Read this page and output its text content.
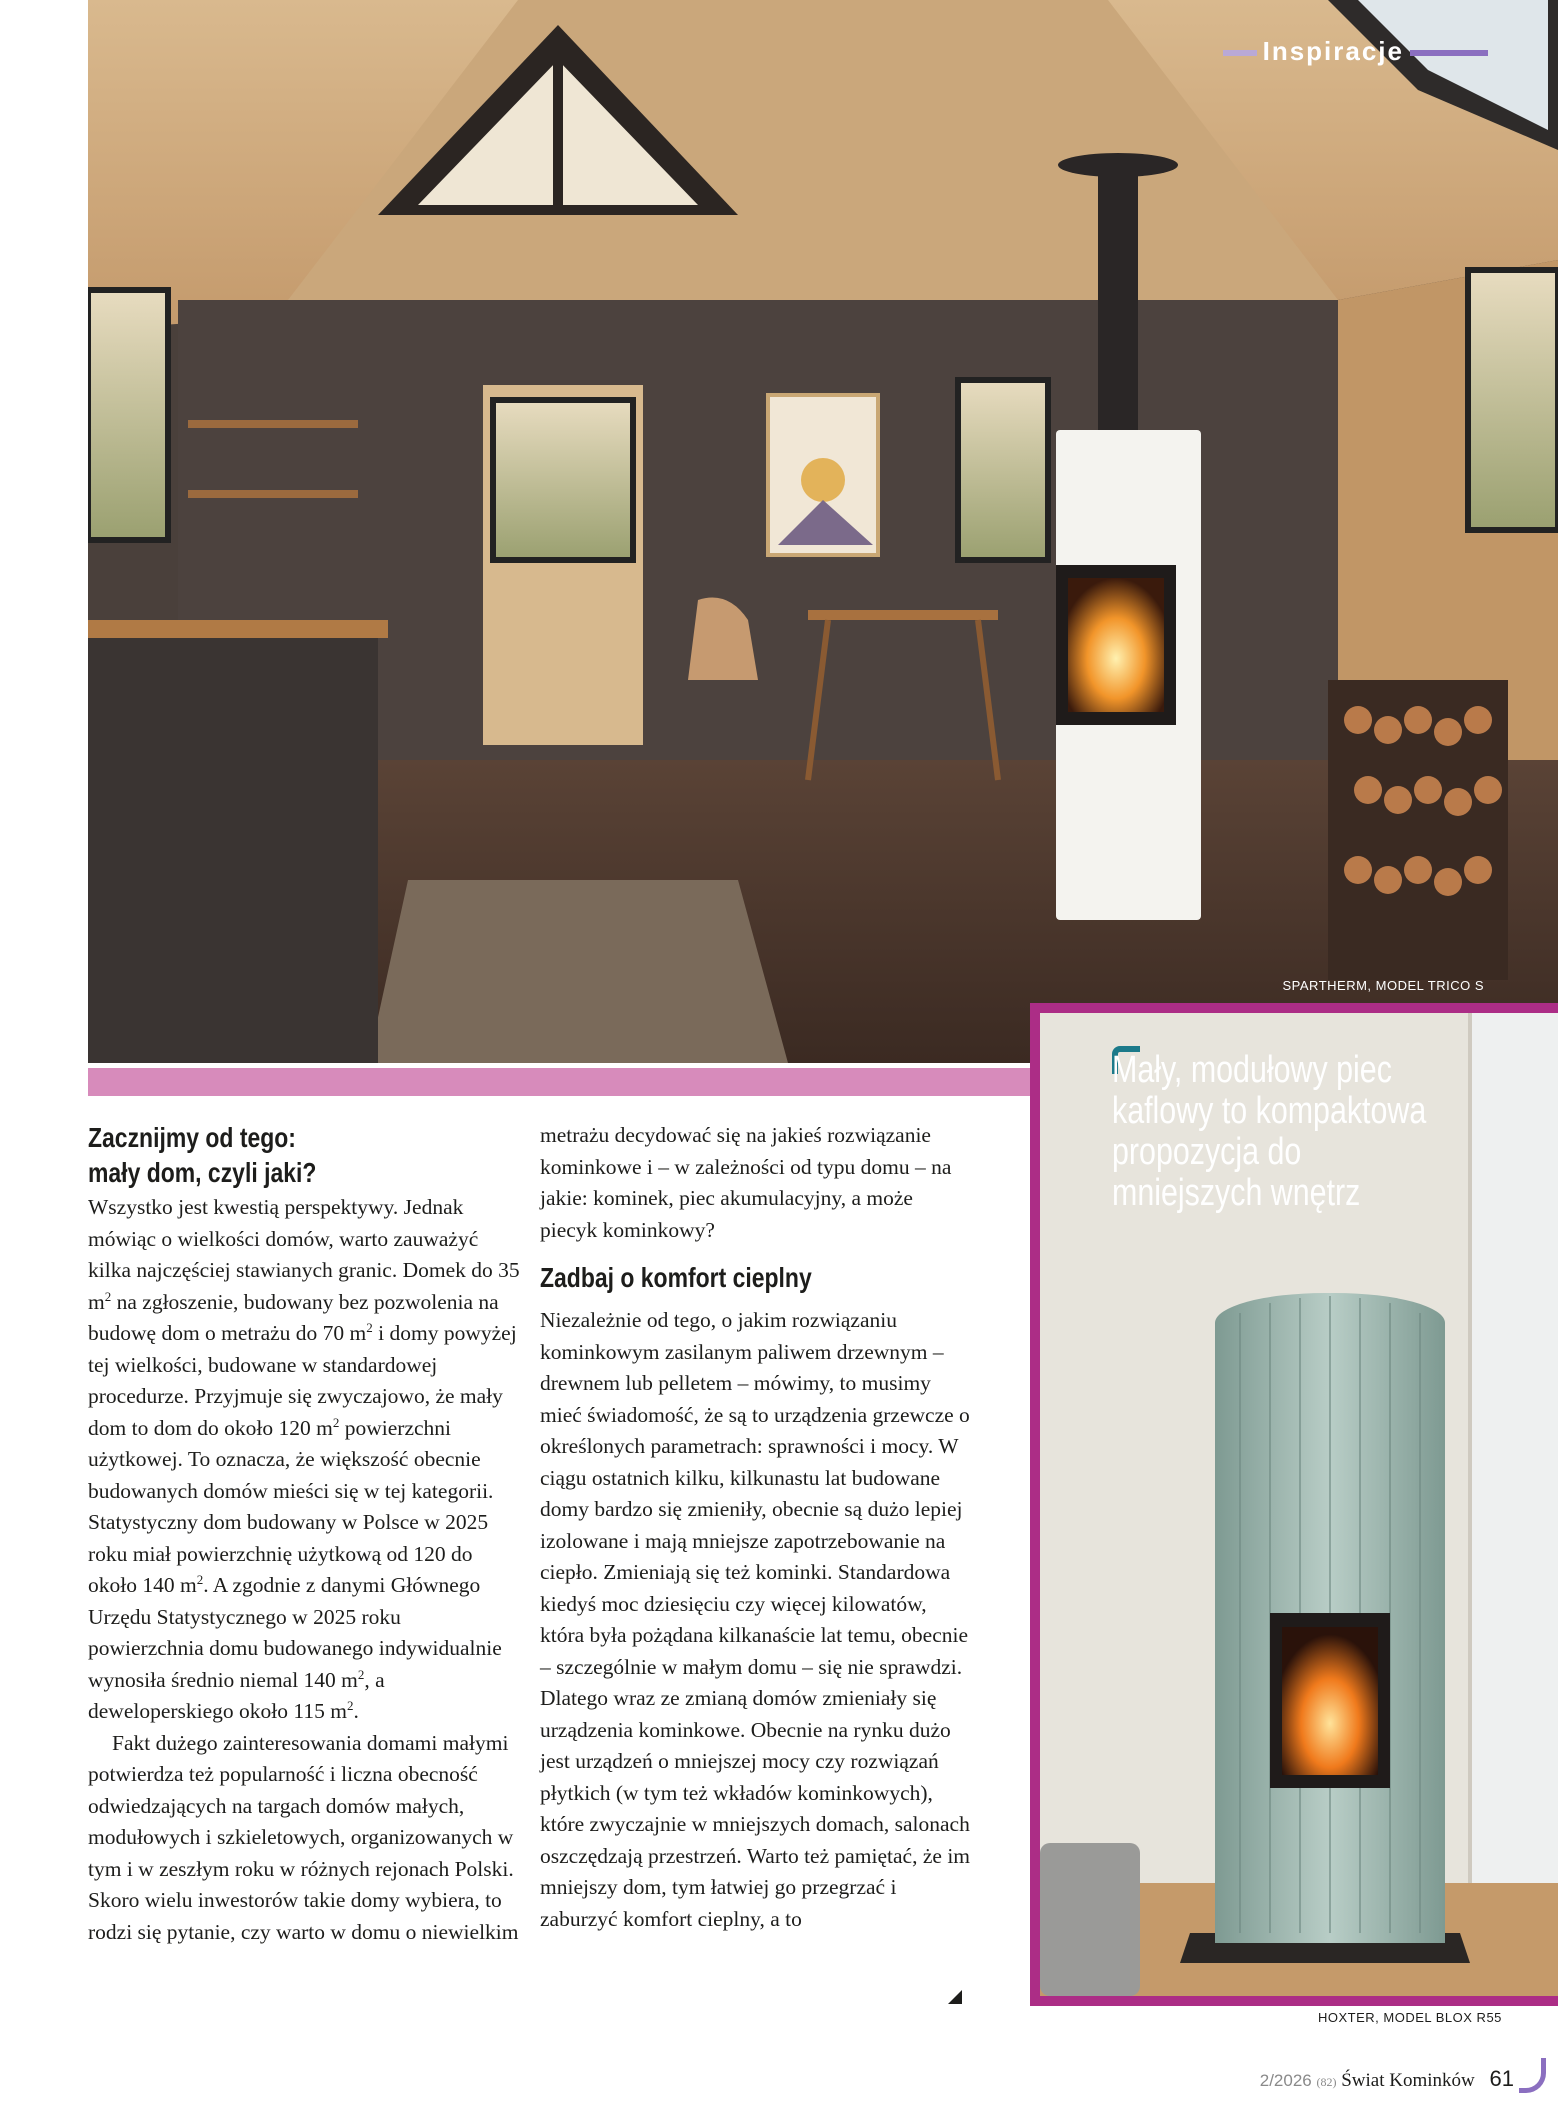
Inspiracje
SPARTHERM, MODEL TRICO S
Zacznijmy od tego:
mały dom, czyli jaki?

Wszystko jest kwestią perspektywy. Jednak mówiąc o wielkości domów, warto zauważyć kilka najczęściej stawianych granic. Domek do 35 $m^2$ na zgłoszenie, budowany bez pozwolenia na budowę dom o metrażu do 70 $m^2$ i domy powyżej tej wielkości, budowane w standardowej procedurze. Przyjmuje się zwyczajowo, że mały dom to dom do około 120 $m^2$ powierzchni użytkowej. To oznacza, że większość obecnie budowanych domów mieści się w tej kategorii. Statystyczny dom budowany w Polsce w 2025 roku miał powierzchnię użytkową od 120 do około 140 $m^2$. A zgodnie z danymi Głównego Urzędu Statystycznego w 2025 roku powierzchnia domu budowanego indywidualnie wynosiła średnio niemal 140 $m^2$, a deweloperskiego około 115 $m^2$.

Fakt dużego zainteresowania domami małymi potwierdza też popularność i liczna obecność odwiedzających na targach domów małych, modułowych i szkieletowych, organizowanych w tym i w zeszłym roku w różnych rejonach Polski. Skoro wielu inwestorów takie domy wybiera, to rodzi się pytanie, czy warto w domu o niewielkim

metrażu decydować się na jakieś rozwiązanie kominkowe i – w zależności od typu domu – na jakie: kominek, piec akumulacyjny, a może piecyk kominkowy?

Zadbaj o komfort cieplny

Niezależnie od tego, o jakim rozwiązaniu kominkowym zasilanym paliwem drzewnym – drewnem lub pelletem – mówimy, to musimy mieć świadomość, że są to urządzenia grzewcze o określonych parametrach: sprawności i mocy. W ciągu ostatnich kilku, kilkunastu lat budowane domy bardzo się zmieniły, obecnie są dużo lepiej izolowane i mają mniejsze zapotrzebowanie na ciepło. Zmieniają się też kominki. Standardowa kiedyś moc dziesięciu czy więcej kilowatów, która była pożądana kilkanaście lat temu, obecnie – szczególnie w małym domu – się nie sprawdzi. Dlatego wraz ze zmianą domów zmieniały się urządzenia kominkowe. Obecnie na rynku dużo jest urządzeń o mniejszej mocy czy rozwiązań płytkich (w tym też wkładów kominkowych), które zwyczajnie w mniejszych domach, salonach oszczędzają przestrzeń. Warto też pamiętać, że im mniejszy dom, tym łatwiej go przegrzać i zaburzyć komfort cieplny, a to

Mały, modułowy piec kaflowy to kompaktowa propozycja do mniejszych wnętrz
HOXTER, MODEL BLOX R55
2/2026 (82) Świat Kominków 61
